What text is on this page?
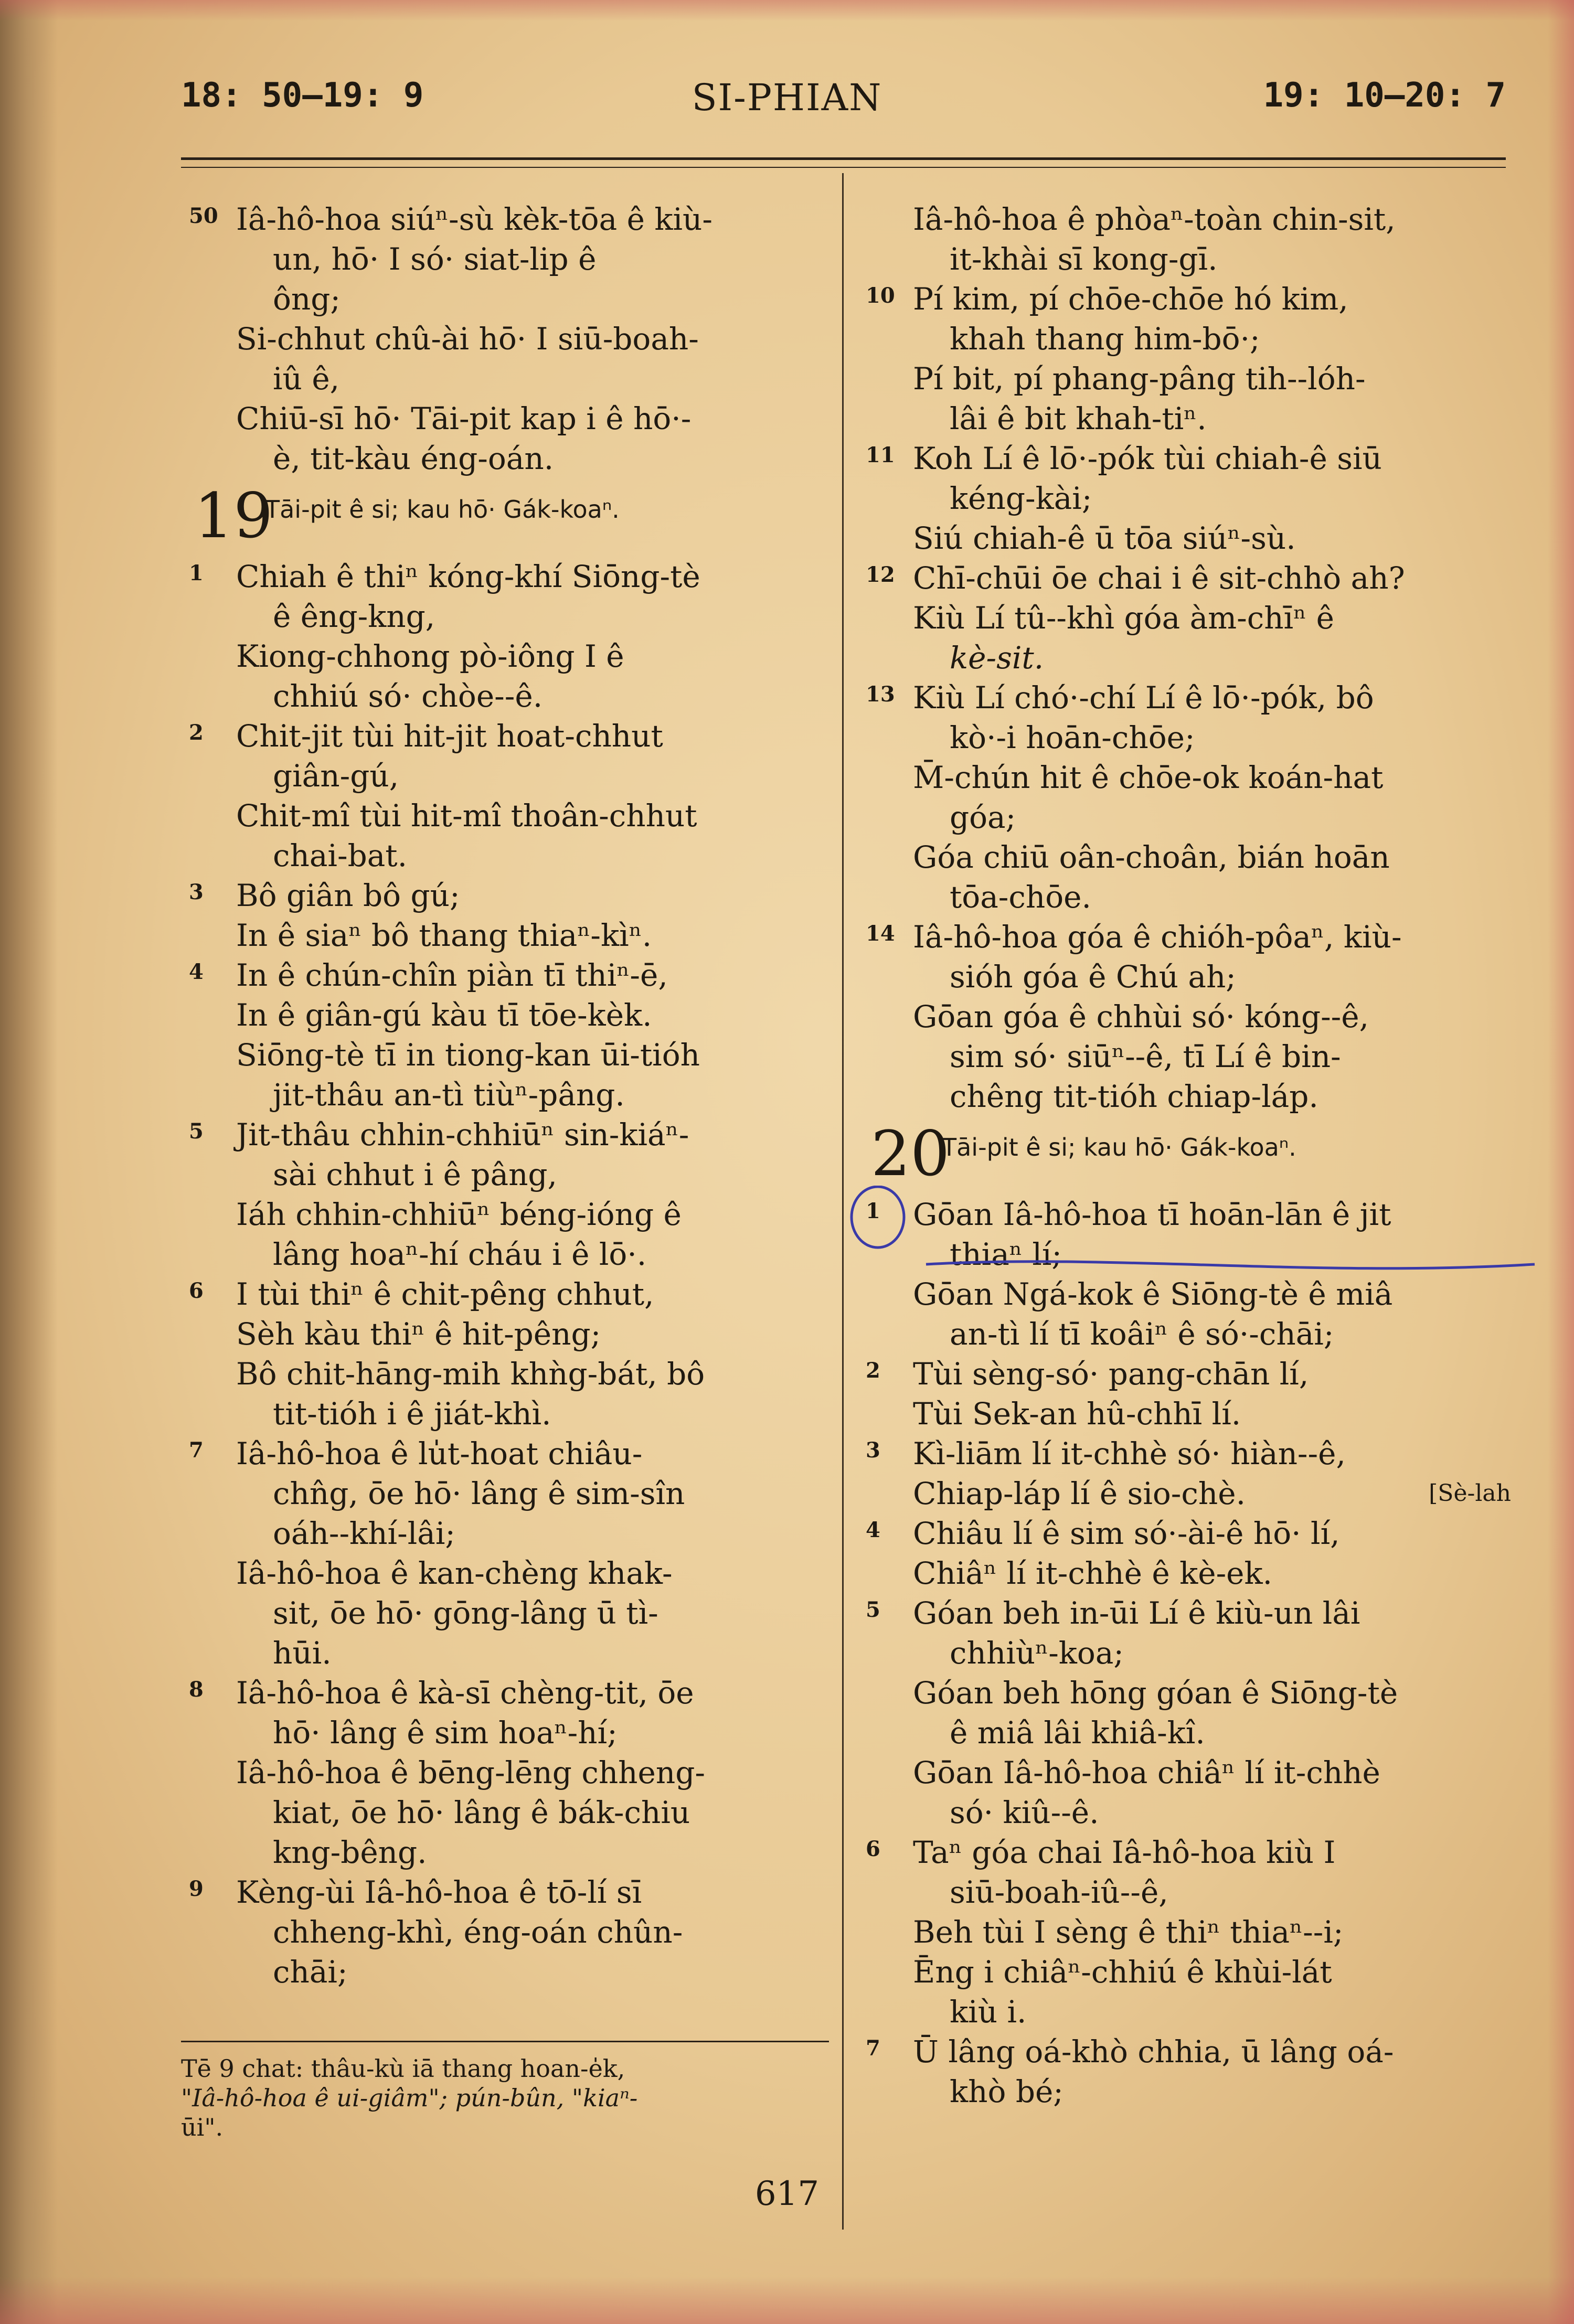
18: 50—19: 9	SI-PHIAN	19: 10—20: 7
50 Iâ-hô-hoa siúⁿ-sù kèk-tōa ê kiù-
un, hō· I só· siat-lip ê
ông;
Si-chhut chû-ài hō· I siū-boah-
iû ê,
Chiū-sī hō· Tāi-pit kap i ê hō·-
è, tit-kàu éng-oán.
19
Tāi-pit ê si; kau hō· Gák-koaⁿ.
1 Chiah ê thiⁿ kóng-khí Siōng-tè
ê êng-kng,
Kiong-chhong pò-iông I ê
chhiú só· chòe--ê.
2 Chit-jit tùi hit-jit hoat-chhut
giân-gú,
Chit-mî tùi hit-mî thoân-chhut
chai-bat.
3 Bô giân bô gú;
In ê siaⁿ bô thang thiaⁿ-kìⁿ.
4 In ê chún-chîn piàn tī thiⁿ-ē,
In ê giân-gú kàu tī tōe-kèk.
Siōng-tè tī in tiong-kan ūi-tióh
jit-thâu an-tì tiùⁿ-pâng.
5 Jit-thâu chhin-chhiūⁿ sin-kiáⁿ-
sài chhut i ê pâng,
Iáh chhin-chhiūⁿ béng-ióng ê
lâng hoaⁿ-hí cháu i ê lō·.
6 I tùi thiⁿ ê chit-pêng chhut,
Sèh kàu thiⁿ ê hit-pêng;
Bô chit-hāng-mih khǹg-bát, bô
tit-tióh i ê jiát-khì.
7 Iâ-hô-hoa ê lu̍t-hoat chiâu-
chn̂g, ōe hō· lâng ê sim-sîn
oáh--khí-lâi;
Iâ-hô-hoa ê kan-chèng khak-
sit, ōe hō· gōng-lâng ū tì-
hūi.
8 Iâ-hô-hoa ê kà-sī chèng-tit, ōe
hō· lâng ê sim hoaⁿ-hí;
Iâ-hô-hoa ê bēng-lēng chheng-
kiat, ōe hō· lâng ê bák-chiu
kng-bêng.
9 Kèng-ùi Iâ-hô-hoa ê tō-lí sī
chheng-khì, éng-oán chûn-
chāi;
Tē 9 chat: thâu-kù iā thang hoan-e̍k,
"Iâ-hô-hoa ê ui-giâm"; pún-bûn, "kiaⁿ-
ūi".
Iâ-hô-hoa ê phòaⁿ-toàn chin-sit,
it-khài sī kong-gī.
10 Pí kim, pí chōe-chōe hó kim,
khah thang him-bō·;
Pí bit, pí phang-pâng tih--lóh-
lâi ê bit khah-tiⁿ.
11 Koh Lí ê lō·-pók tùi chiah-ê siū
kéng-kài;
Siú chiah-ê ū tōa siúⁿ-sù.
12 Chī-chūi ōe chai i ê sit-chhò ah?
Kiù Lí tû--khì góa àm-chīⁿ ê
kè-sit.
13 Kiù Lí chó·-chí Lí ê lō·-pók, bô
kò·-i hoān-chōe;
M̄-chún hit ê chōe-ok koán-hat
góa;
Góa chiū oân-choân, bián hoān
tōa-chōe.
14 Iâ-hô-hoa góa ê chióh-pôaⁿ, kiù-
sióh góa ê Chú ah;
Gōan góa ê chhùi só· kóng--ê,
sim só· siūⁿ--ê, tī Lí ê bin-
chêng tit-tióh chiap-láp.
20
Tāi-pit ê si; kau hō· Gák-koaⁿ.
1 Gōan Iâ-hô-hoa tī hoān-lān ê jit
thiaⁿ lí;
Gōan Ngá-kok ê Siōng-tè ê miâ
an-tì lí tī koâiⁿ ê só·-chāi;
2 Tùi sèng-só· pang-chān lí,
Tùi Sek-an hû-chhī lí.
3 Kì-liām lí it-chhè só· hiàn--ê,
Chiap-láp lí ê sio-chè.	[Sè-lah
4 Chiâu lí ê sim só·-ài-ê hō· lí,
Chiâⁿ lí it-chhè ê kè-ek.
5 Góan beh in-ūi Lí ê kiù-un lâi
chhiùⁿ-koa;
Góan beh hōng góan ê Siōng-tè
ê miâ lâi khiâ-kî.
Gōan Iâ-hô-hoa chiâⁿ lí it-chhè
só· kiû--ê.
6 Taⁿ góa chai Iâ-hô-hoa kiù I
siū-boah-iû--ê,
Beh tùi I sèng ê thiⁿ thiaⁿ--i;
Ēng i chiâⁿ-chhiú ê khùi-lát
kiù i.
7 Ū lâng oá-khò chhia, ū lâng oá-
khò bé;
617
